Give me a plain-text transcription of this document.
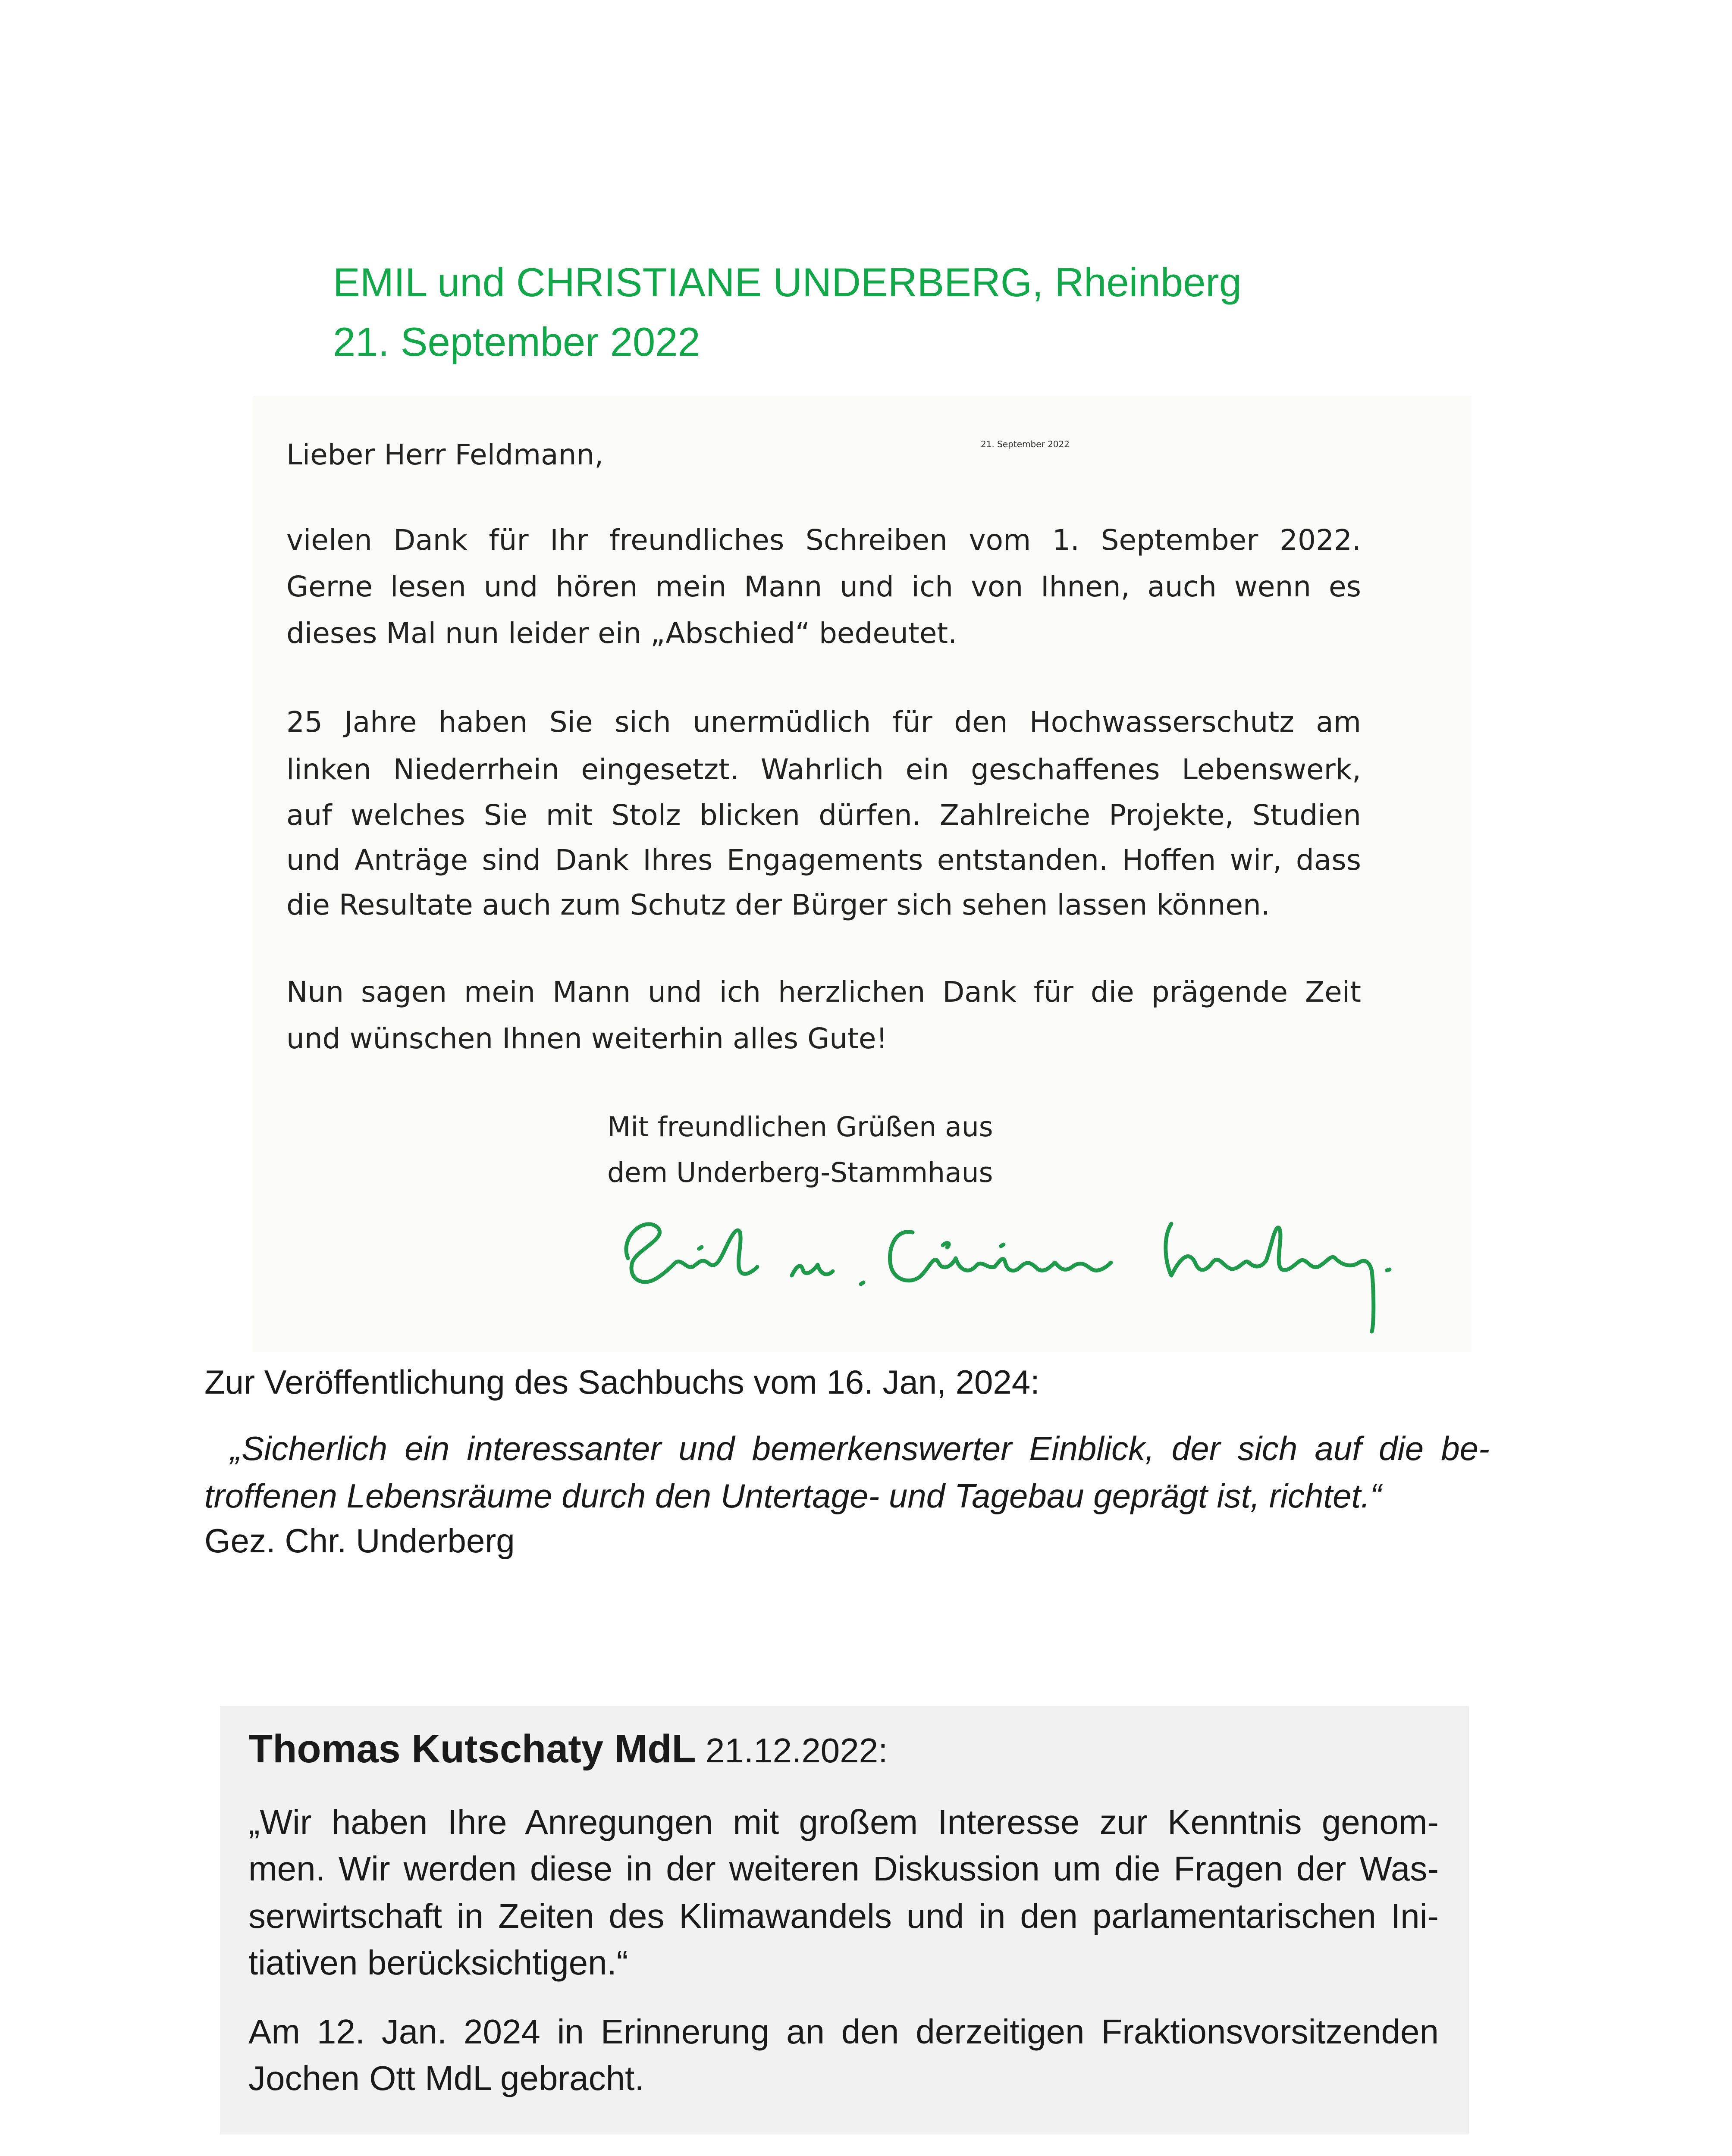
EMIL und CHRISTIANE UNDERBERG, Rheinberg
21. September 2022
21. September 2022
Lieber Herr Feldmann,
vielen Dank für Ihr freundliches Schreiben vom 1. September 2022.
Gerne lesen und hören mein Mann und ich von Ihnen, auch wenn es
dieses Mal nun leider ein „Abschied“ bedeutet.
25 Jahre haben Sie sich unermüdlich für den Hochwasserschutz am
linken Niederrhein eingesetzt. Wahrlich ein geschaffenes Lebenswerk,
auf welches Sie mit Stolz blicken dürfen. Zahlreiche Projekte, Studien
und Anträge sind Dank Ihres Engagements entstanden. Hoffen wir, dass
die Resultate auch zum Schutz der Bürger sich sehen lassen können.
Nun sagen mein Mann und ich herzlichen Dank für die prägende Zeit
und wünschen Ihnen weiterhin alles Gute!
Mit freundlichen Grüßen aus
dem Underberg-Stammhaus
Zur Veröffentlichung des Sachbuchs vom 16. Jan, 2024:
„Sicherlich ein interessanter und bemerkenswerter Einblick, der sich auf die be-
troffenen Lebensräume durch den Untertage- und Tagebau geprägt ist, richtet.“
Gez. Chr. Underberg
Thomas Kutschaty MdL 21.12.2022:
„Wir haben Ihre Anregungen mit großem Interesse zur Kenntnis genom-
men. Wir werden diese in der weiteren Diskussion um die Fragen der Was-
serwirtschaft in Zeiten des Klimawandels und in den parlamentarischen Ini-
tiativen berücksichtigen.“
Am 12. Jan. 2024 in Erinnerung an den derzeitigen Fraktionsvorsitzenden
Jochen Ott MdL gebracht.
